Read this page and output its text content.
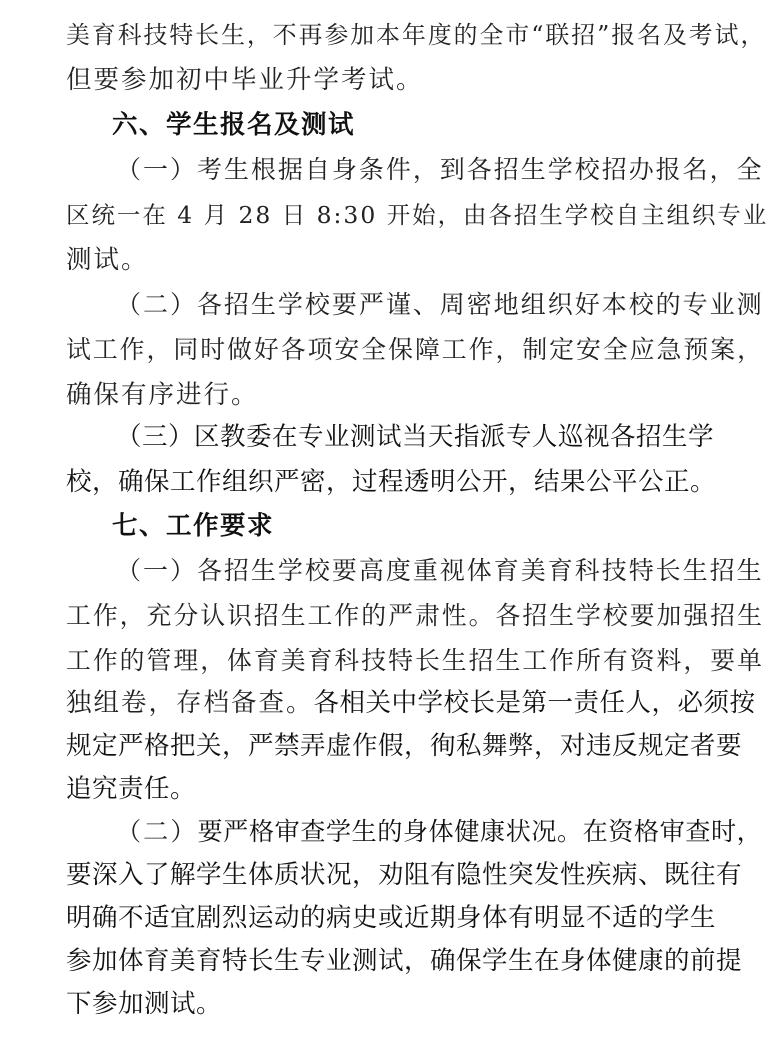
美育科技特长生，不再参加本年度的全市“联招”报名及考试，
但要参加初中毕业升学考试。
六、学生报名及测试
（一）考生根据自身条件，到各招生学校招办报名，全
区统一在 4 月 28 日 8:30 开始，由各招生学校自主组织专业
测试。
（二）各招生学校要严谨、周密地组织好本校的专业测
试工作，同时做好各项安全保障工作，制定安全应急预案，
确保有序进行。
（三）区教委在专业测试当天指派专人巡视各招生学
校，确保工作组织严密，过程透明公开，结果公平公正。
七、工作要求
（一）各招生学校要高度重视体育美育科技特长生招生
工作，充分认识招生工作的严肃性。各招生学校要加强招生
工作的管理，体育美育科技特长生招生工作所有资料，要单
独组卷，存档备查。各相关中学校长是第一责任人，必须按
规定严格把关，严禁弄虚作假，徇私舞弊，对违反规定者要
追究责任。
（二）要严格审查学生的身体健康状况。在资格审查时，
要深入了解学生体质状况，劝阻有隐性突发性疾病、既往有
明确不适宜剧烈运动的病史或近期身体有明显不适的学生
参加体育美育特长生专业测试，确保学生在身体健康的前提
下参加测试。
